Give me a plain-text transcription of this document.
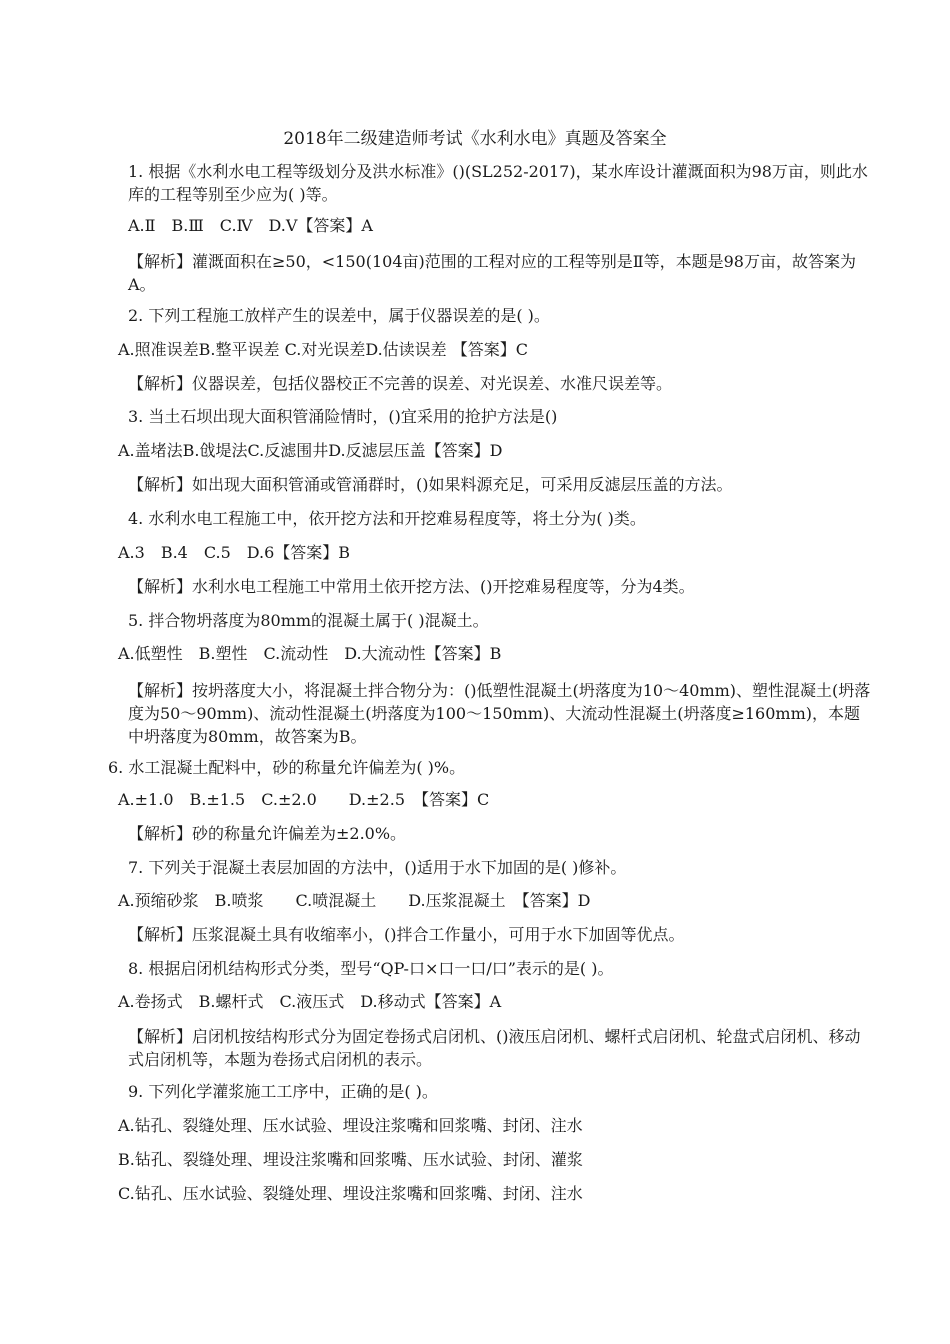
2018年二级建造师考试《水利水电》真题及答案全
1. 根据《水利水电工程等级划分及洪水标准》()(SL252-2017)，某水库设计灌溉面积为98万亩，则此水库的工程等别至少应为( )等。
A.Ⅱ　B.Ⅲ　C.Ⅳ　D.Ⅴ【答案】A
【解析】灌溉面积在≥50，<150(104亩)范围的工程对应的工程等别是Ⅱ等，本题是98万亩，故答案为A。
2. 下列工程施工放样产生的误差中，属于仪器误差的是( )。
A.照准误差B.整平误差 C.对光误差D.估读误差 【答案】C
【解析】仪器误差，包括仪器校正不完善的误差、对光误差、水准尺误差等。
3. 当土石坝出现大面积管涌险情时，()宜采用的抢护方法是()
A.盖堵法B.戗堤法C.反滤围井D.反滤层压盖【答案】D
【解析】如出现大面积管涌或管涌群时，()如果料源充足，可采用反滤层压盖的方法。
4. 水利水电工程施工中，依开挖方法和开挖难易程度等，将土分为( )类。
A.3　B.4　C.5　D.6【答案】B
【解析】水利水电工程施工中常用土依开挖方法、()开挖难易程度等，分为4类。
5. 拌合物坍落度为80mm的混凝土属于( )混凝土。
A.低塑性　B.塑性　C.流动性　D.大流动性【答案】B
【解析】按坍落度大小，将混凝土拌合物分为：()低塑性混凝土(坍落度为10～40mm)、塑性混凝土(坍落度为50～90mm)、流动性混凝土(坍落度为100～150mm)、大流动性混凝土(坍落度≥160mm)，本题中坍落度为80mm，故答案为B。
6. 水工混凝土配料中，砂的称量允许偏差为( )%。
A.±1.0　B.±1.5　C.±2.0　　D.±2.5　【答案】C
【解析】砂的称量允许偏差为±2.0%。
7. 下列关于混凝土表层加固的方法中，()适用于水下加固的是( )修补。
A.预缩砂浆　B.喷浆　　C.喷混凝土　　D.压浆混凝土　【答案】D
【解析】压浆混凝土具有收缩率小，()拌合工作量小，可用于水下加固等优点。
8. 根据启闭机结构形式分类，型号“QP-口×口一口/口”表示的是( )。
A.卷扬式　B.螺杆式　C.液压式　D.移动式【答案】A
【解析】启闭机按结构形式分为固定卷扬式启闭机、()液压启闭机、螺杆式启闭机、轮盘式启闭机、移动式启闭机等，本题为卷扬式启闭机的表示。
9. 下列化学灌浆施工工序中，正确的是( )。
A.钻孔、裂缝处理、压水试验、埋设注浆嘴和回浆嘴、封闭、注水
B.钻孔、裂缝处理、埋设注浆嘴和回浆嘴、压水试验、封闭、灌浆
C.钻孔、压水试验、裂缝处理、埋设注浆嘴和回浆嘴、封闭、注水
